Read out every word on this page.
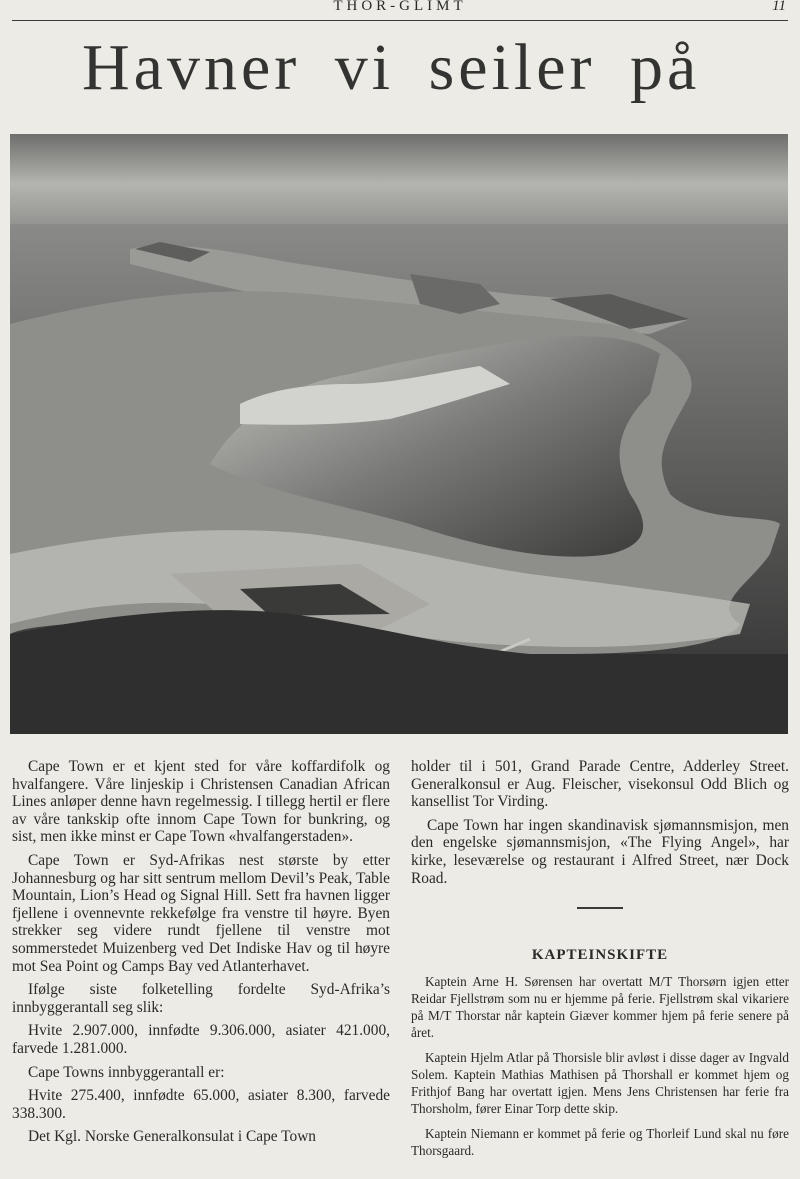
THOR-GLIMT	11
Havner vi seiler på

Cape Town er et kjent sted for våre koffardifolk og hvalfangere. Våre linjeskip i Christensen Canadian African Lines anløper denne havn regelmessig. I tillegg hertil er flere av våre tankskip ofte innom Cape Town for bunkring, og sist, men ikke minst er Cape Town «hvalfangerstaden».

Cape Town er Syd-Afrikas nest største by etter Johannesburg og har sitt sentrum mellom Devil’s Peak, Table Mountain, Lion’s Head og Signal Hill. Sett fra havnen ligger fjellene i ovennevnte rekkefølge fra venstre til høyre. Byen strekker seg videre rundt fjellene til venstre mot sommerstedet Muizenberg ved Det Indiske Hav og til høyre mot Sea Point og Camps Bay ved Atlanterhavet.

Ifølge siste folketelling fordelte Syd-Afrika’s innbyggerantall seg slik:

Hvite 2.907.000, innfødte 9.306.000, asiater 421.000, farvede 1.281.000.

Cape Towns innbyggerantall er:

Hvite 275.400, innfødte 65.000, asiater 8.300, farvede 338.300.

Det Kgl. Norske Generalkonsulat i Cape Town

holder til i 501, Grand Parade Centre, Adderley Street. Generalkonsul er Aug. Fleischer, visekonsul Odd Blich og kansellist Tor Virding.

Cape Town har ingen skandinavisk sjømannsmisjon, men den engelske sjømannsmisjon, «The Flying Angel», har kirke, leseværelse og restaurant i Alfred Street, nær Dock Road.

KAPTEINSKIFTE

Kaptein Arne H. Sørensen har overtatt M/T Thorsørn igjen etter Reidar Fjellstrøm som nu er hjemme på ferie. Fjellstrøm skal vikariere på M/T Thorstar når kaptein Giæver kommer hjem på ferie senere på året.

Kaptein Hjelm Atlar på Thorsisle blir avløst i disse dager av Ingvald Solem. Kaptein Mathias Mathisen på Thorshall er kommet hjem og Frithjof Bang har overtatt igjen. Mens Jens Christensen har ferie fra Thorsholm, fører Einar Torp dette skip.

Kaptein Niemann er kommet på ferie og Thorleif Lund skal nu føre Thorsgaard.
